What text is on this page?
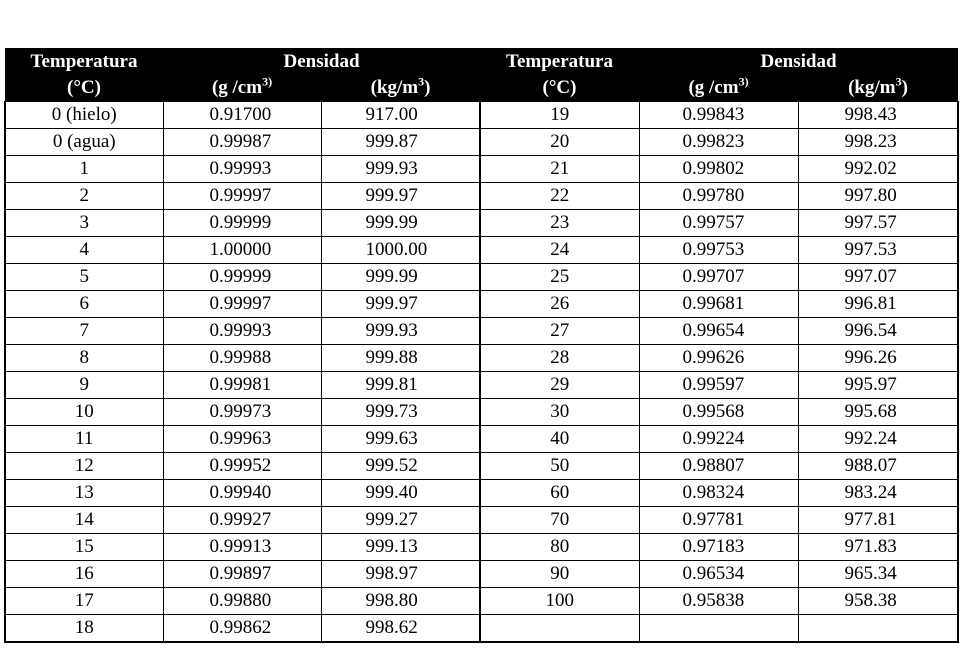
Temperatura	Densidad		Temperatura	Densidad	
(°C)	(g $/cm^{3)}$	$(kg/m^3)$	(°C)	(g $/cm^{3)}$	$(kg/m^3)$
0 (hielo)	0.91700	917.00	19	0.99843	998.43
0 (agua)	0.99987	999.87	20	0.99823	998.23
1	0.99993	999.93	21	0.99802	992.02
2	0.99997	999.97	22	0.99780	997.80
3	0.99999	999.99	23	0.99757	997.57
4	1.00000	1000.00	24	0.99753	997.53
5	0.99999	999.99	25	0.99707	997.07
6	0.99997	999.97	26	0.99681	996.81
7	0.99993	999.93	27	0.99654	996.54
8	0.99988	999.88	28	0.99626	996.26
9	0.99981	999.81	29	0.99597	995.97
10	0.99973	999.73	30	0.99568	995.68
11	0.99963	999.63	40	0.99224	992.24
12	0.99952	999.52	50	0.98807	988.07
13	0.99940	999.40	60	0.98324	983.24
14	0.99927	999.27	70	0.97781	977.81
15	0.99913	999.13	80	0.97183	971.83
16	0.99897	998.97	90	0.96534	965.34
17	0.99880	998.80	100	0.95838	958.38
18	0.99862	998.62			
